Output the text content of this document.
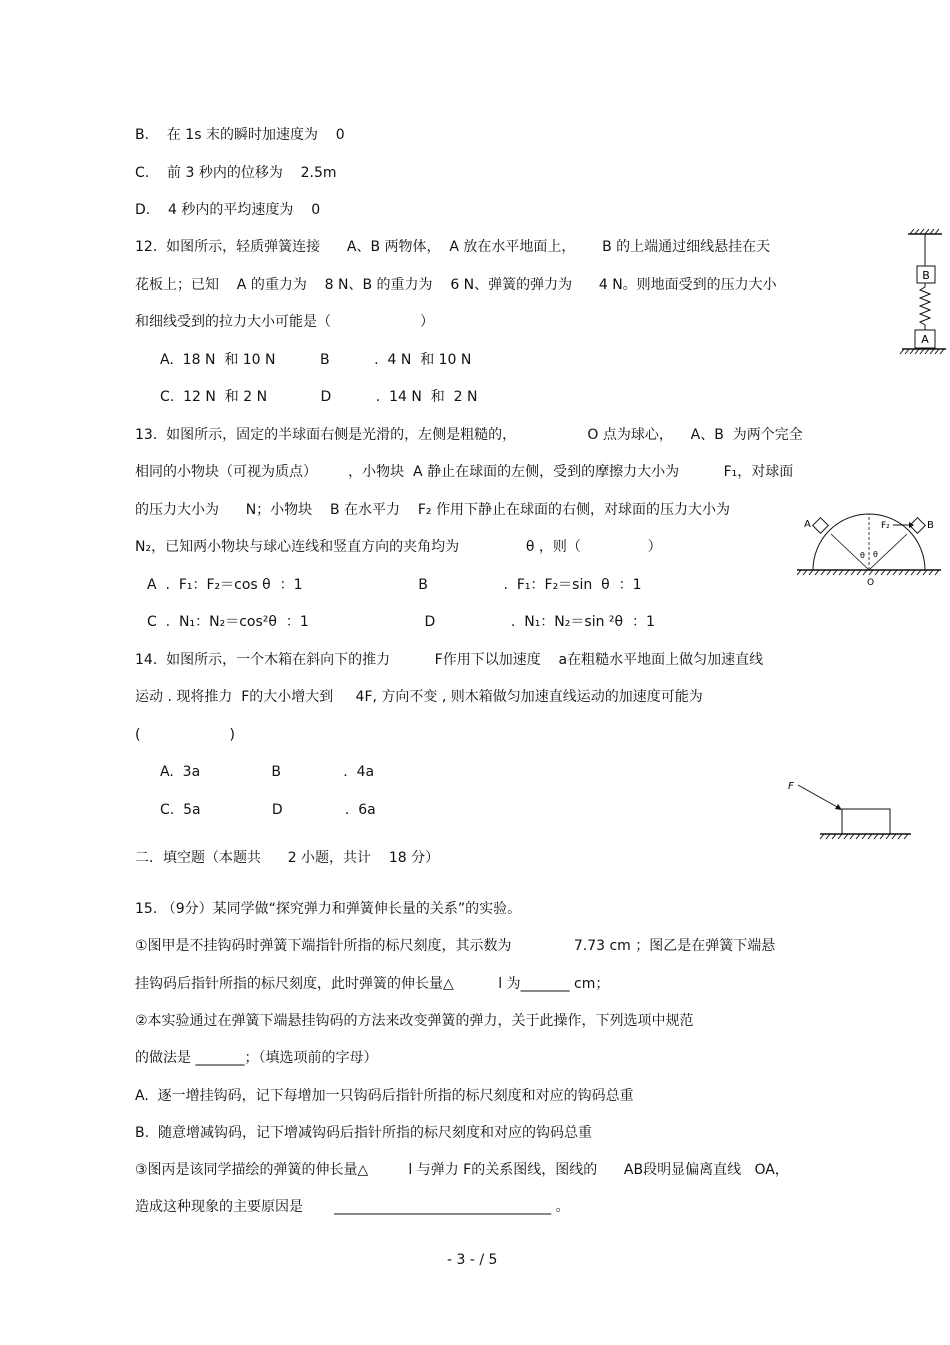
B.    在 1s 末的瞬时加速度为    0
C.    前 3 秒内的位移为    2.5m
D.    4 秒内的平均速度为    0
12.  如图所示，轻质弹簧连接      A、B 两物体，  A 放在水平地面上，      B 的上端通过细线悬挂在天
花板上；已知    A 的重力为    8 N、B 的重力为    6 N、弹簧的弹力为      4 N。则地面受到的压力大小
和细线受到的拉力大小可能是（                    ）
A.  18 N  和 10 N          B          .  4 N  和 10 N
C.  12 N  和 2 N            D          .  14 N  和  2 N
B
A
13.  如图所示，固定的半球面右侧是光滑的，左侧是粗糙的，                O 点为球心，    A、B  为两个完全
相同的小物块（可视为质点）       ，小物块  A 静止在球面的左侧，受到的摩擦力大小为          F₁，对球面
的压力大小为      N；小物块    B 在水平力    F₂ 作用下静止在球面的右侧，对球面的压力大小为
N₂，已知两小物块与球心连线和竖直方向的夹角均为               θ ，则（               ）
A  .  F₁：F₂＝cos θ  ：1                          B                 .  F₁：F₂＝sin  θ  ：1
C  .  N₁：N₂＝cos²θ  ：1                          D                 .  N₁：N₂＝sin ²θ  ：1
A	B
F₂
θ θ
O
14.  如图所示，一个木箱在斜向下的推力          F作用下以加速度    a在粗糙水平地面上做匀加速直线
运动 . 现将推力  F的大小增大到     4F, 方向不变 , 则木箱做匀加速直线运动的加速度可能为
(                    )
A.  3a                B              .  4a
C.  5a                D              .  6a
F
二．填空题（本题共      2 小题，共计    18 分）
15. （9分）某同学做“探究弹力和弹簧伸长量的关系”的实验。
①图甲是不挂钩码时弹簧下端指针所指的标尺刻度，其示数为              7.73 cm ；图乙是在弹簧下端悬
挂钩码后指针所指的标尺刻度，此时弹簧的伸长量△          l 为_______ cm；
②本实验通过在弹簧下端悬挂钩码的方法来改变弹簧的弹力，关于此操作，下列选项中规范
的做法是 _______；（填选项前的字母）
A.  逐一增挂钩码，记下每增加一只钩码后指针所指的标尺刻度和对应的钩码总重
B.  随意增减钩码，记下增减钩码后指针所指的标尺刻度和对应的钩码总重
③图丙是该同学描绘的弹簧的伸长量△         l 与弹力 F的关系图线，图线的      AB段明显偏离直线   OA，
造成这种现象的主要原因是       _______________________________ 。
- 3 - / 5
